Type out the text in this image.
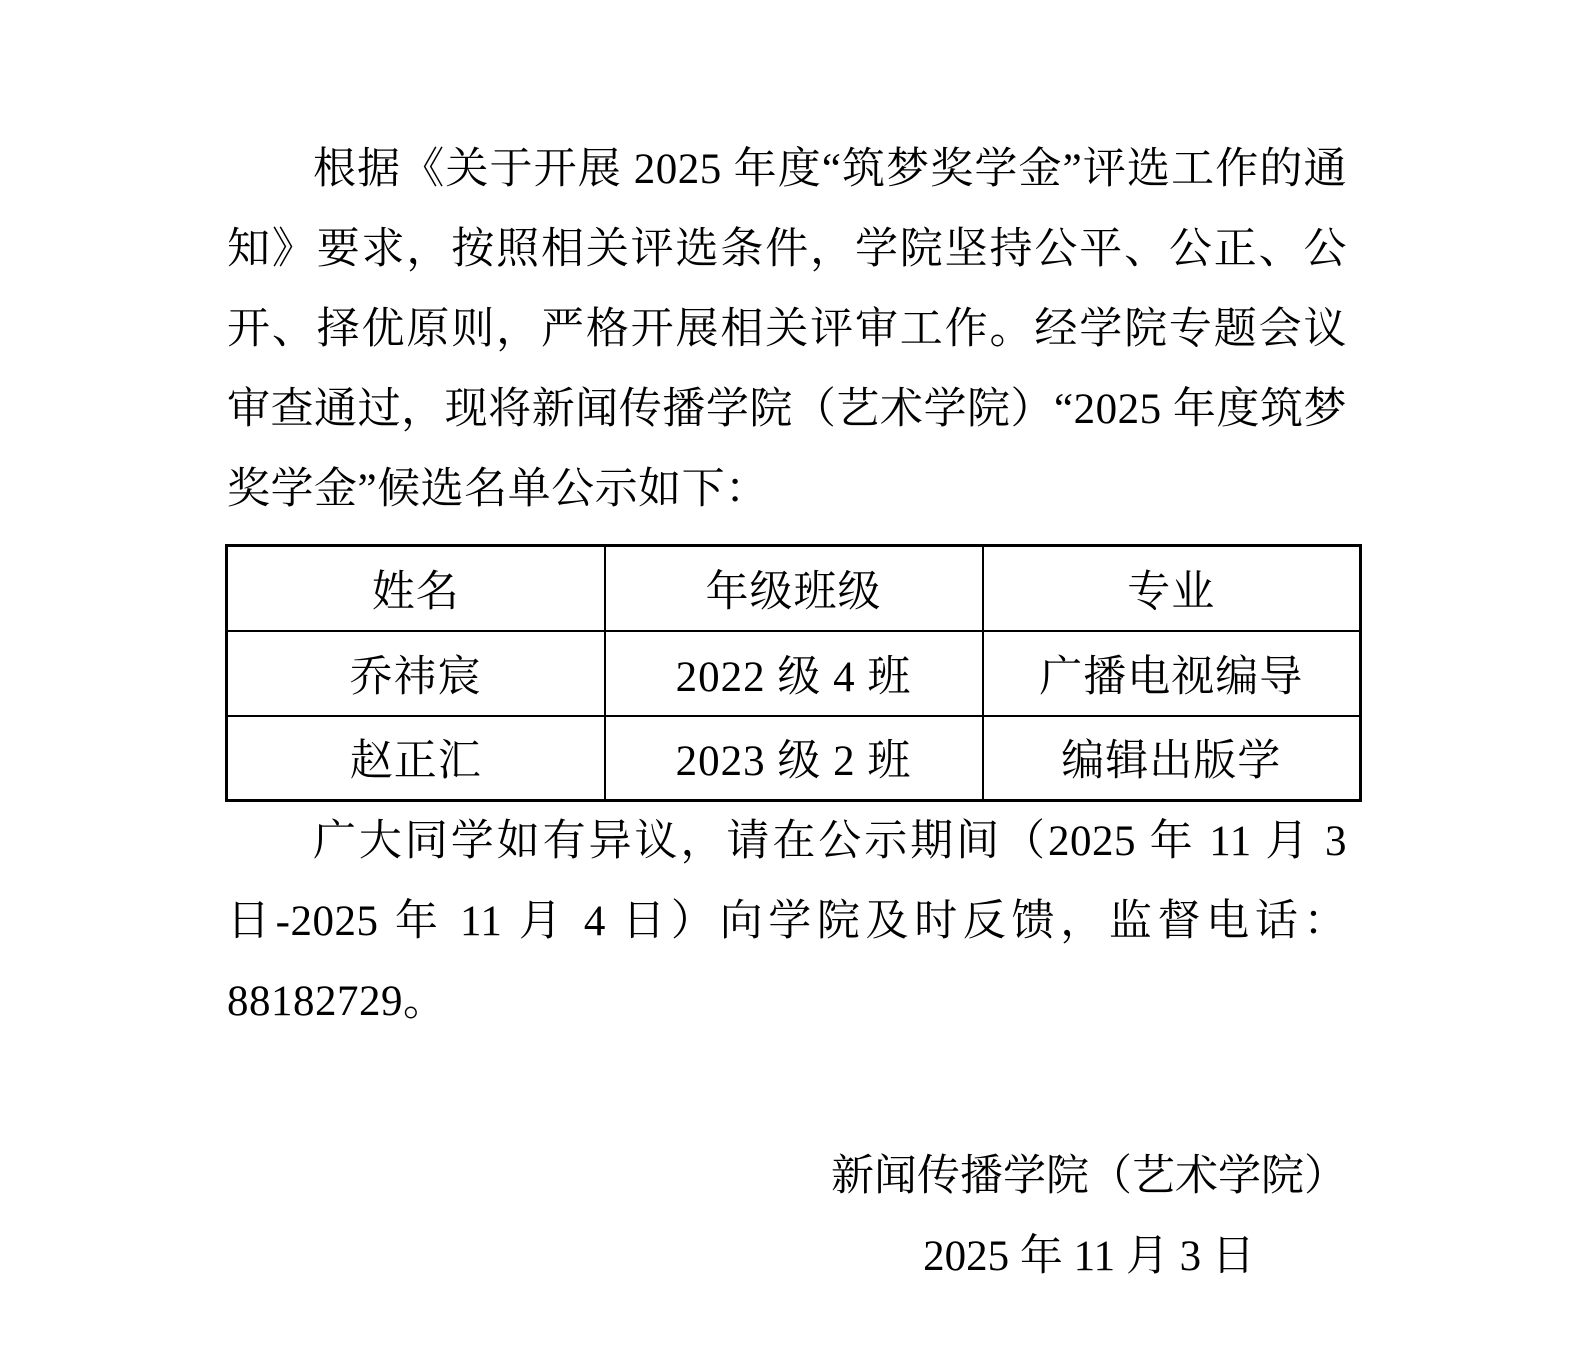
根据《关于开展 2025 年度“筑梦奖学金”评选工作的通知》要求，按照相关评选条件，学院坚持公平、公正、公开、择优原则，严格开展相关评审工作。经学院专题会议审查通过，现将新闻传播学院（艺术学院）“2025 年度筑梦奖学金”候选名单公示如下：

姓名	年级班级	专业
乔祎宸	2022 级 4 班	广播电视编导
赵正汇	2023 级 2 班	编辑出版学

广大同学如有异议，请在公示期间（2025 年 11 月 3 日-2025 年 11 月 4 日）向学院及时反馈，监督电话：88182729。

新闻传播学院（艺术学院）
2025 年 11 月 3 日
